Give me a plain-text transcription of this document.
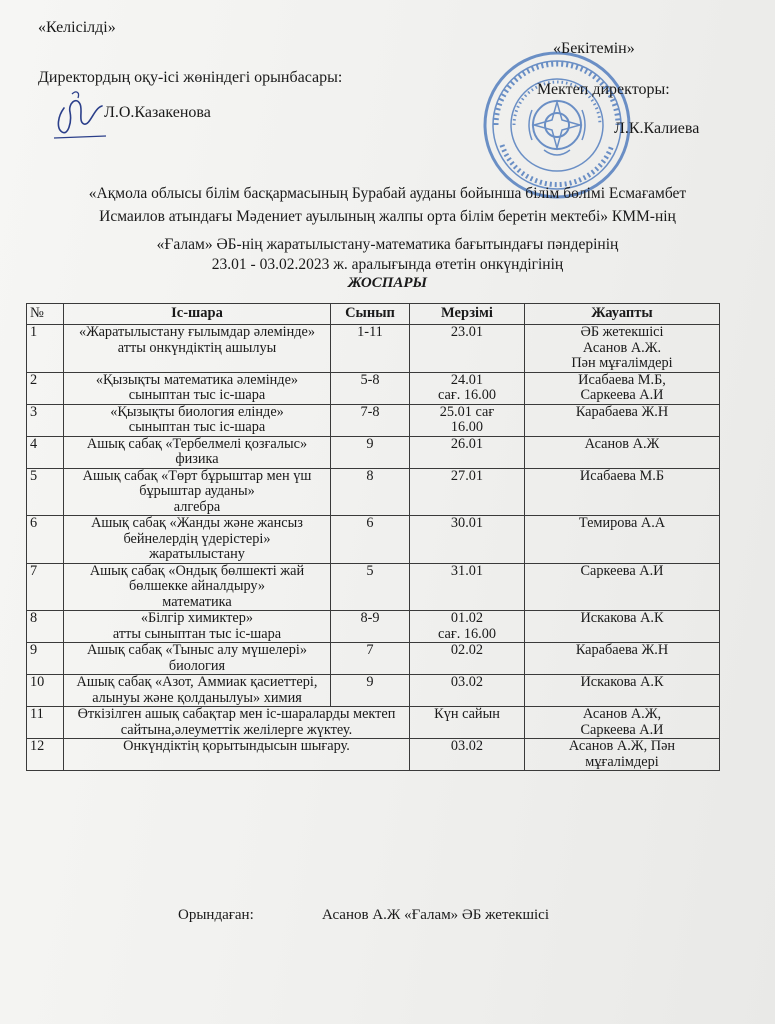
«Келісілді»
Директордың оқу-ісі жөніндегі орынбасары:
Л.О.Казакенова
«Бекітемін»
Мектеп директоры:
Л.К.Калиева
«Ақмола облысы білім басқармасының Бурабай ауданы бойынша білім бөлімі Есмағамбет
Исмаилов атындағы Мәдениет ауылының жалпы орта білім беретін мектебі» КММ-нің
«Ғалам» ӘБ-нің жаратылыстану-математика бағытындағы пәндерінің
23.01 - 03.02.2023 ж. аралығында өтетін онкүндігінің
ЖОСПАРЫ
№	Іс-шара	Сынып	Мерзімі	Жауапты
1	«Жаратылыстану ғылымдар әлемінде»
атты онкүндіктің ашылуы	1-11	23.01	ӘБ жетекшісі
Асанов А.Ж.
Пән мұғалімдері
2	«Қызықты математика әлемінде»
сыныптан тыс іс-шара	5-8	24.01
сағ. 16.00	Исабаева М.Б,
Саркеева А.И
3	«Қызықты биология елінде»
сыныптан тыс іс-шара	7-8	25.01 сағ
16.00	Карабаева Ж.Н
4	Ашық сабақ «Тербелмелі қозғалыс»
физика	9	26.01	Асанов А.Ж
5	Ашық сабақ «Төрт бұрыштар мен үш
бұрыштар ауданы»
алгебра	8	27.01	Исабаева М.Б
6	Ашық сабақ «Жанды және жансыз
бейнелердің үдерістері»
жаратылыстану	6	30.01	Темирова А.А
7	Ашық сабақ «Ондық бөлшекті жай
бөлшекке айналдыру»
математика	5	31.01	Саркеева А.И
8	«Білгір химиктер»
атты сыныптан тыс іс-шара	8-9	01.02
сағ. 16.00	Искакова А.К
9	Ашық сабақ «Тыныс алу мүшелері»
биология	7	02.02	Карабаева Ж.Н
10	Ашық сабақ «Азот, Аммиак қасиеттері,
алынуы және қолданылуы» химия	9	03.02	Искакова А.К
11	Өткізілген ашық сабақтар мен іс-шараларды мектеп
сайтына,әлеуметтік желілерге жүктеу.		Күн сайын	Асанов А.Ж,
Саркеева А.И
12	Онкүндіктің қорытындысын шығару.		03.02	Асанов А.Ж, Пән
мұғалімдері
Орындаған:	Асанов А.Ж «Ғалам» ӘБ жетекшісі
